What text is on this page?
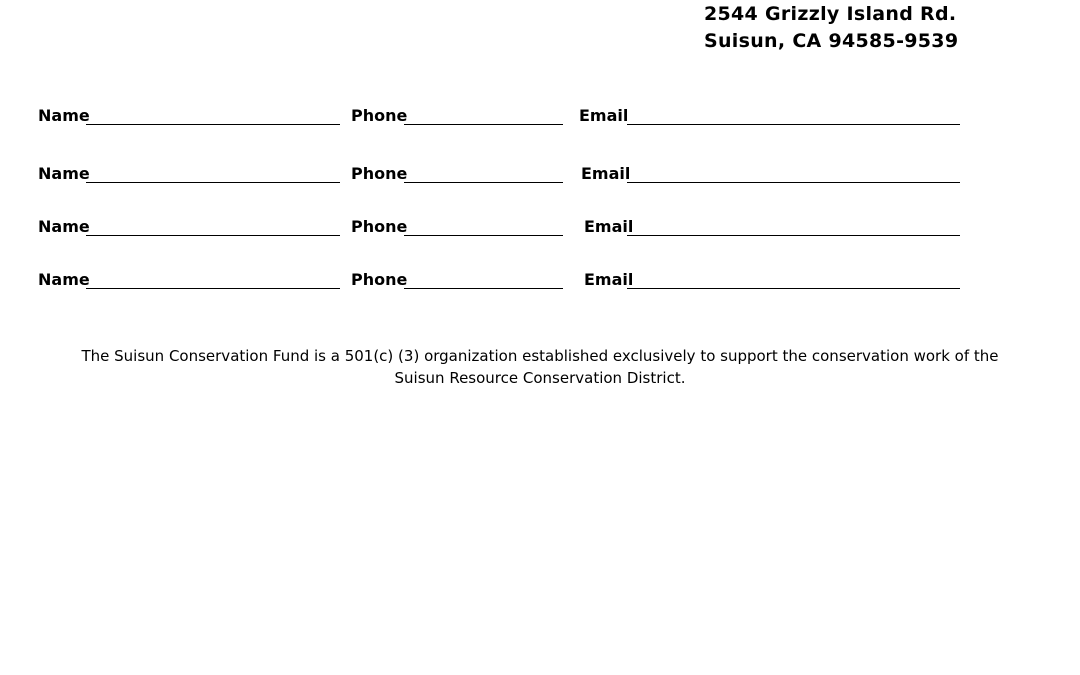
2544 Grizzly Island Rd.
Suisun, CA 94585-9539
Name	Phone	Email
Name	Phone	Email
Name	Phone	Email
Name	Phone	Email
The Suisun Conservation Fund is a 501(c) (3) organization established exclusively to support the conservation work of the
Suisun Resource Conservation District.
